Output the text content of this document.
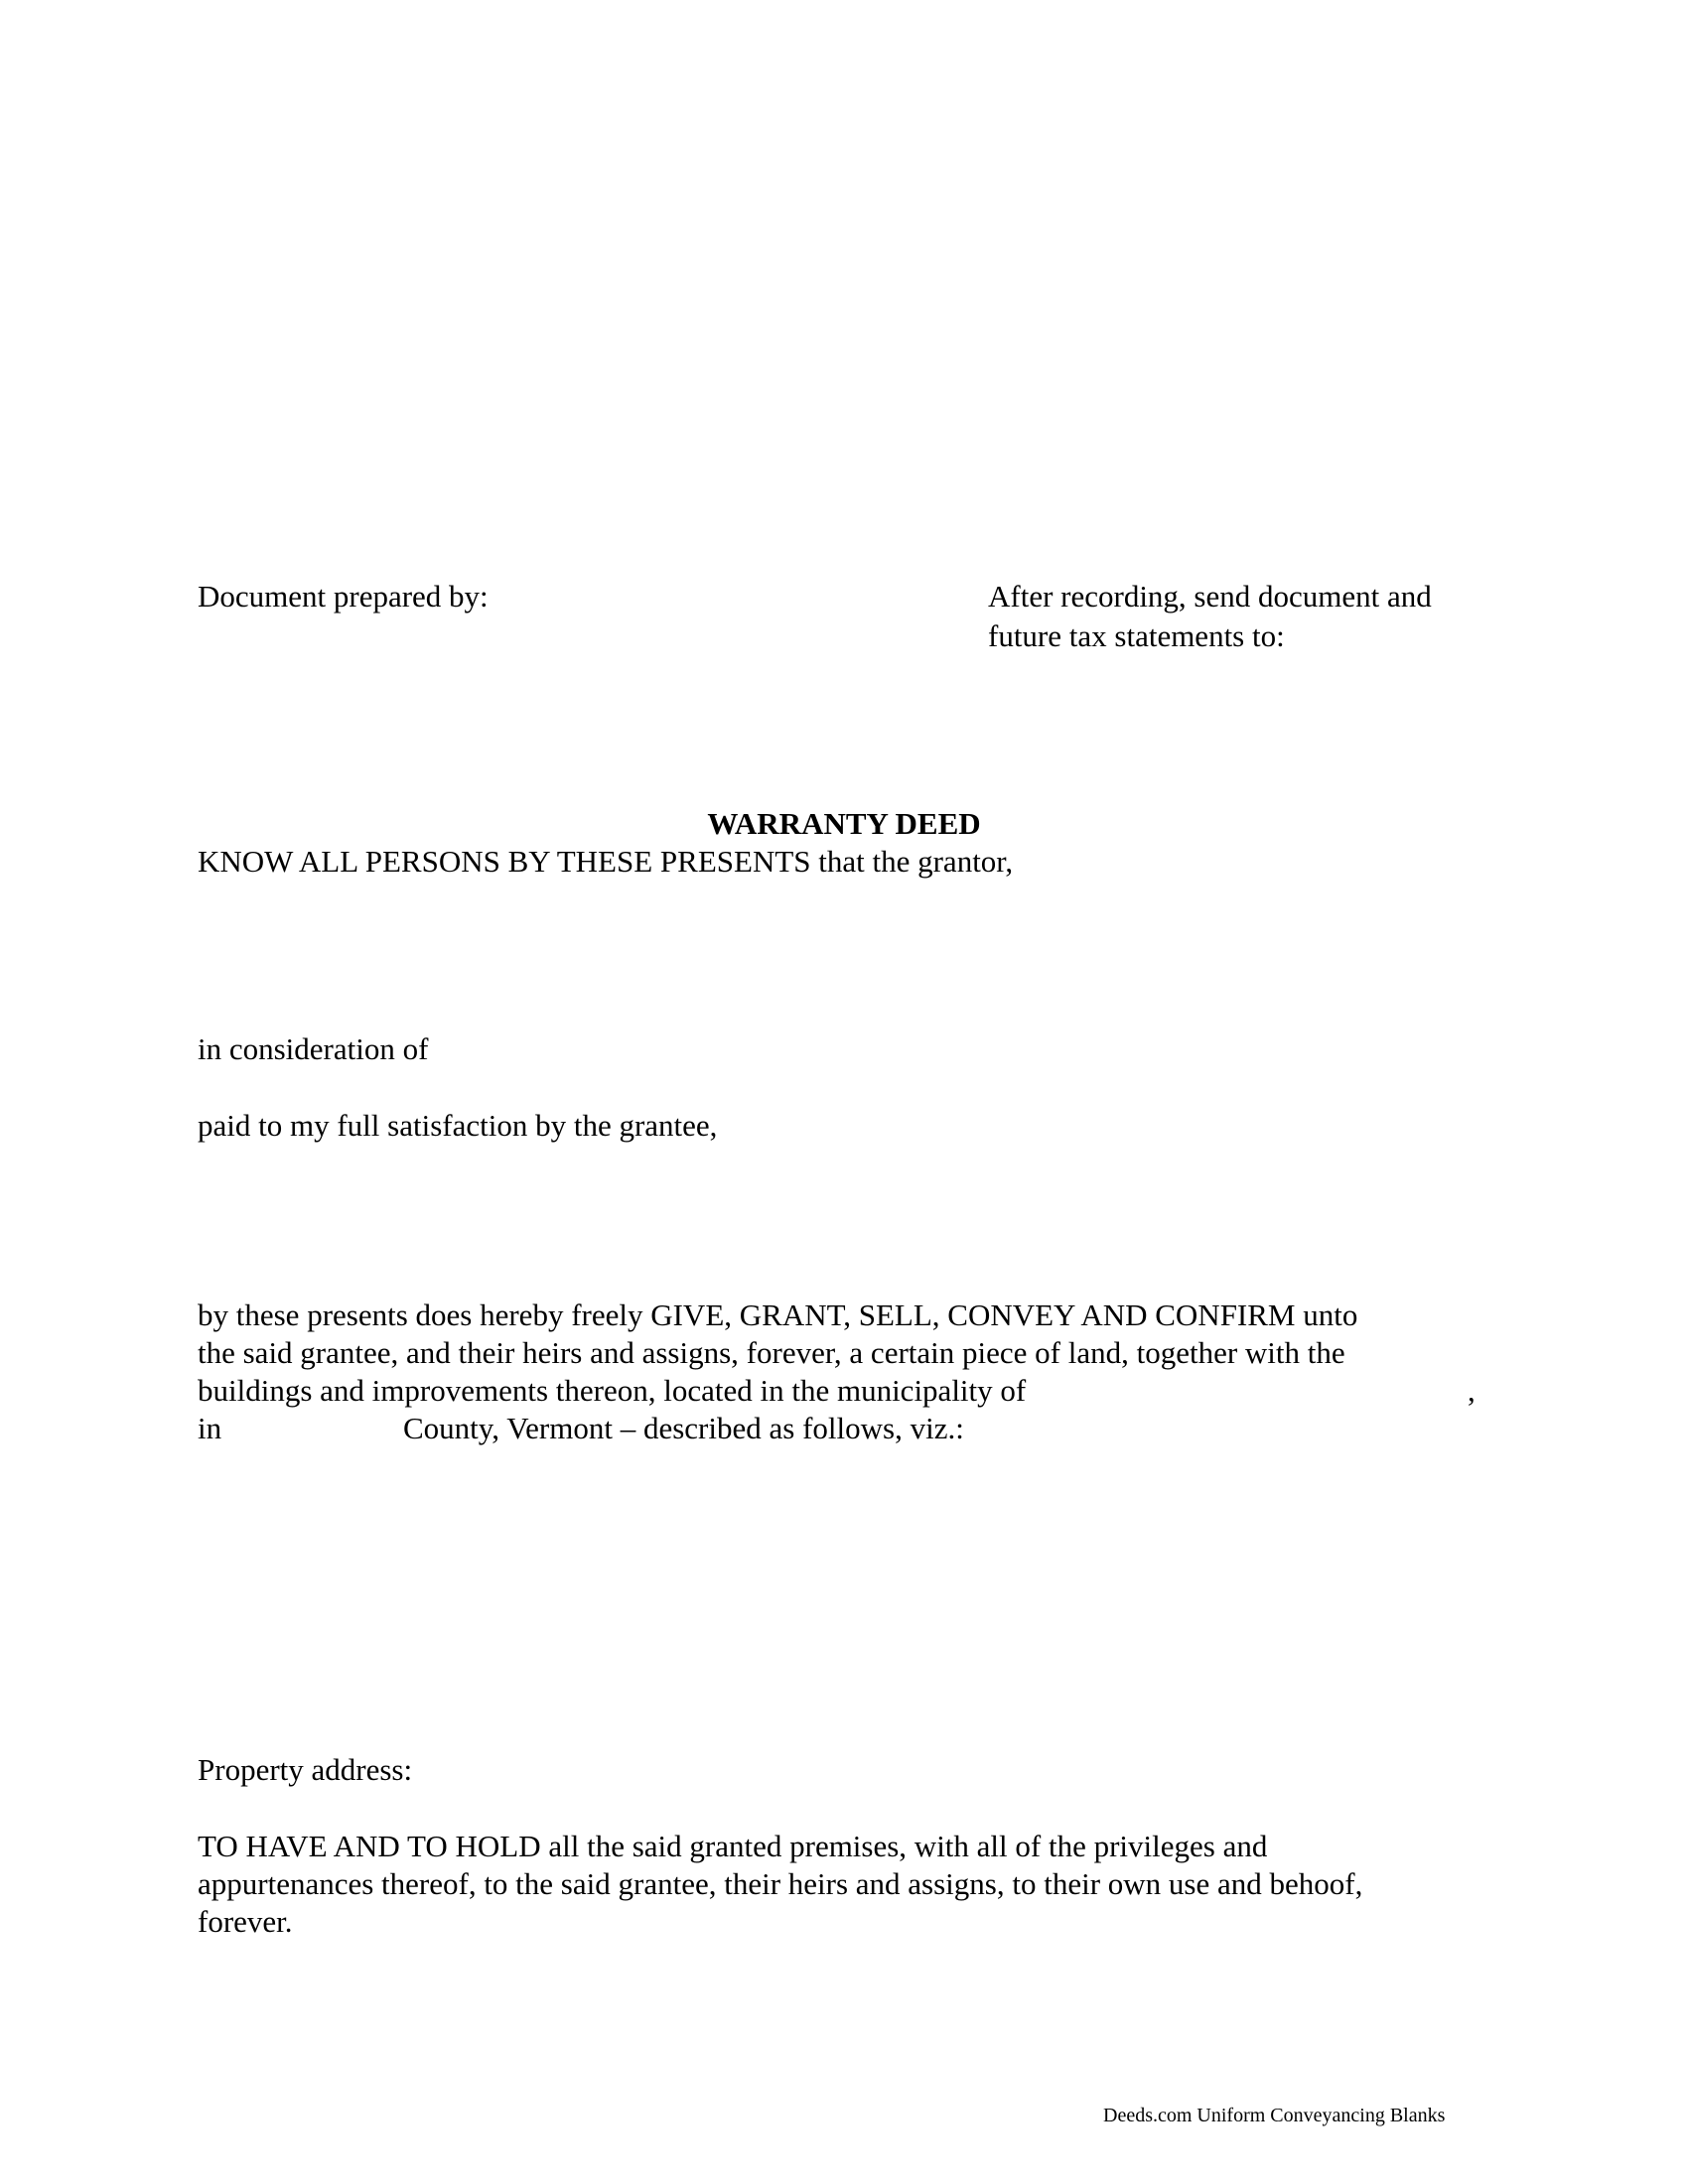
Document prepared by:	After recording, send document and

future tax statements to:

WARRANTY DEED

KNOW ALL PERSONS BY THESE PRESENTS that the grantor,

in consideration of

paid to my full satisfaction by the grantee,

by these presents does hereby freely GIVE, GRANT, SELL, CONVEY AND CONFIRM unto

the said grantee, and their heirs and assigns, forever, a certain piece of land, together with the

buildings and improvements thereon, located in the municipality of	,

in	County, Vermont – described as follows, viz.:

Property address:

TO HAVE AND TO HOLD all the said granted premises, with all of the privileges and

appurtenances thereof, to the said grantee, their heirs and assigns, to their own use and behoof,

forever.

Deeds.com Uniform Conveyancing Blanks
